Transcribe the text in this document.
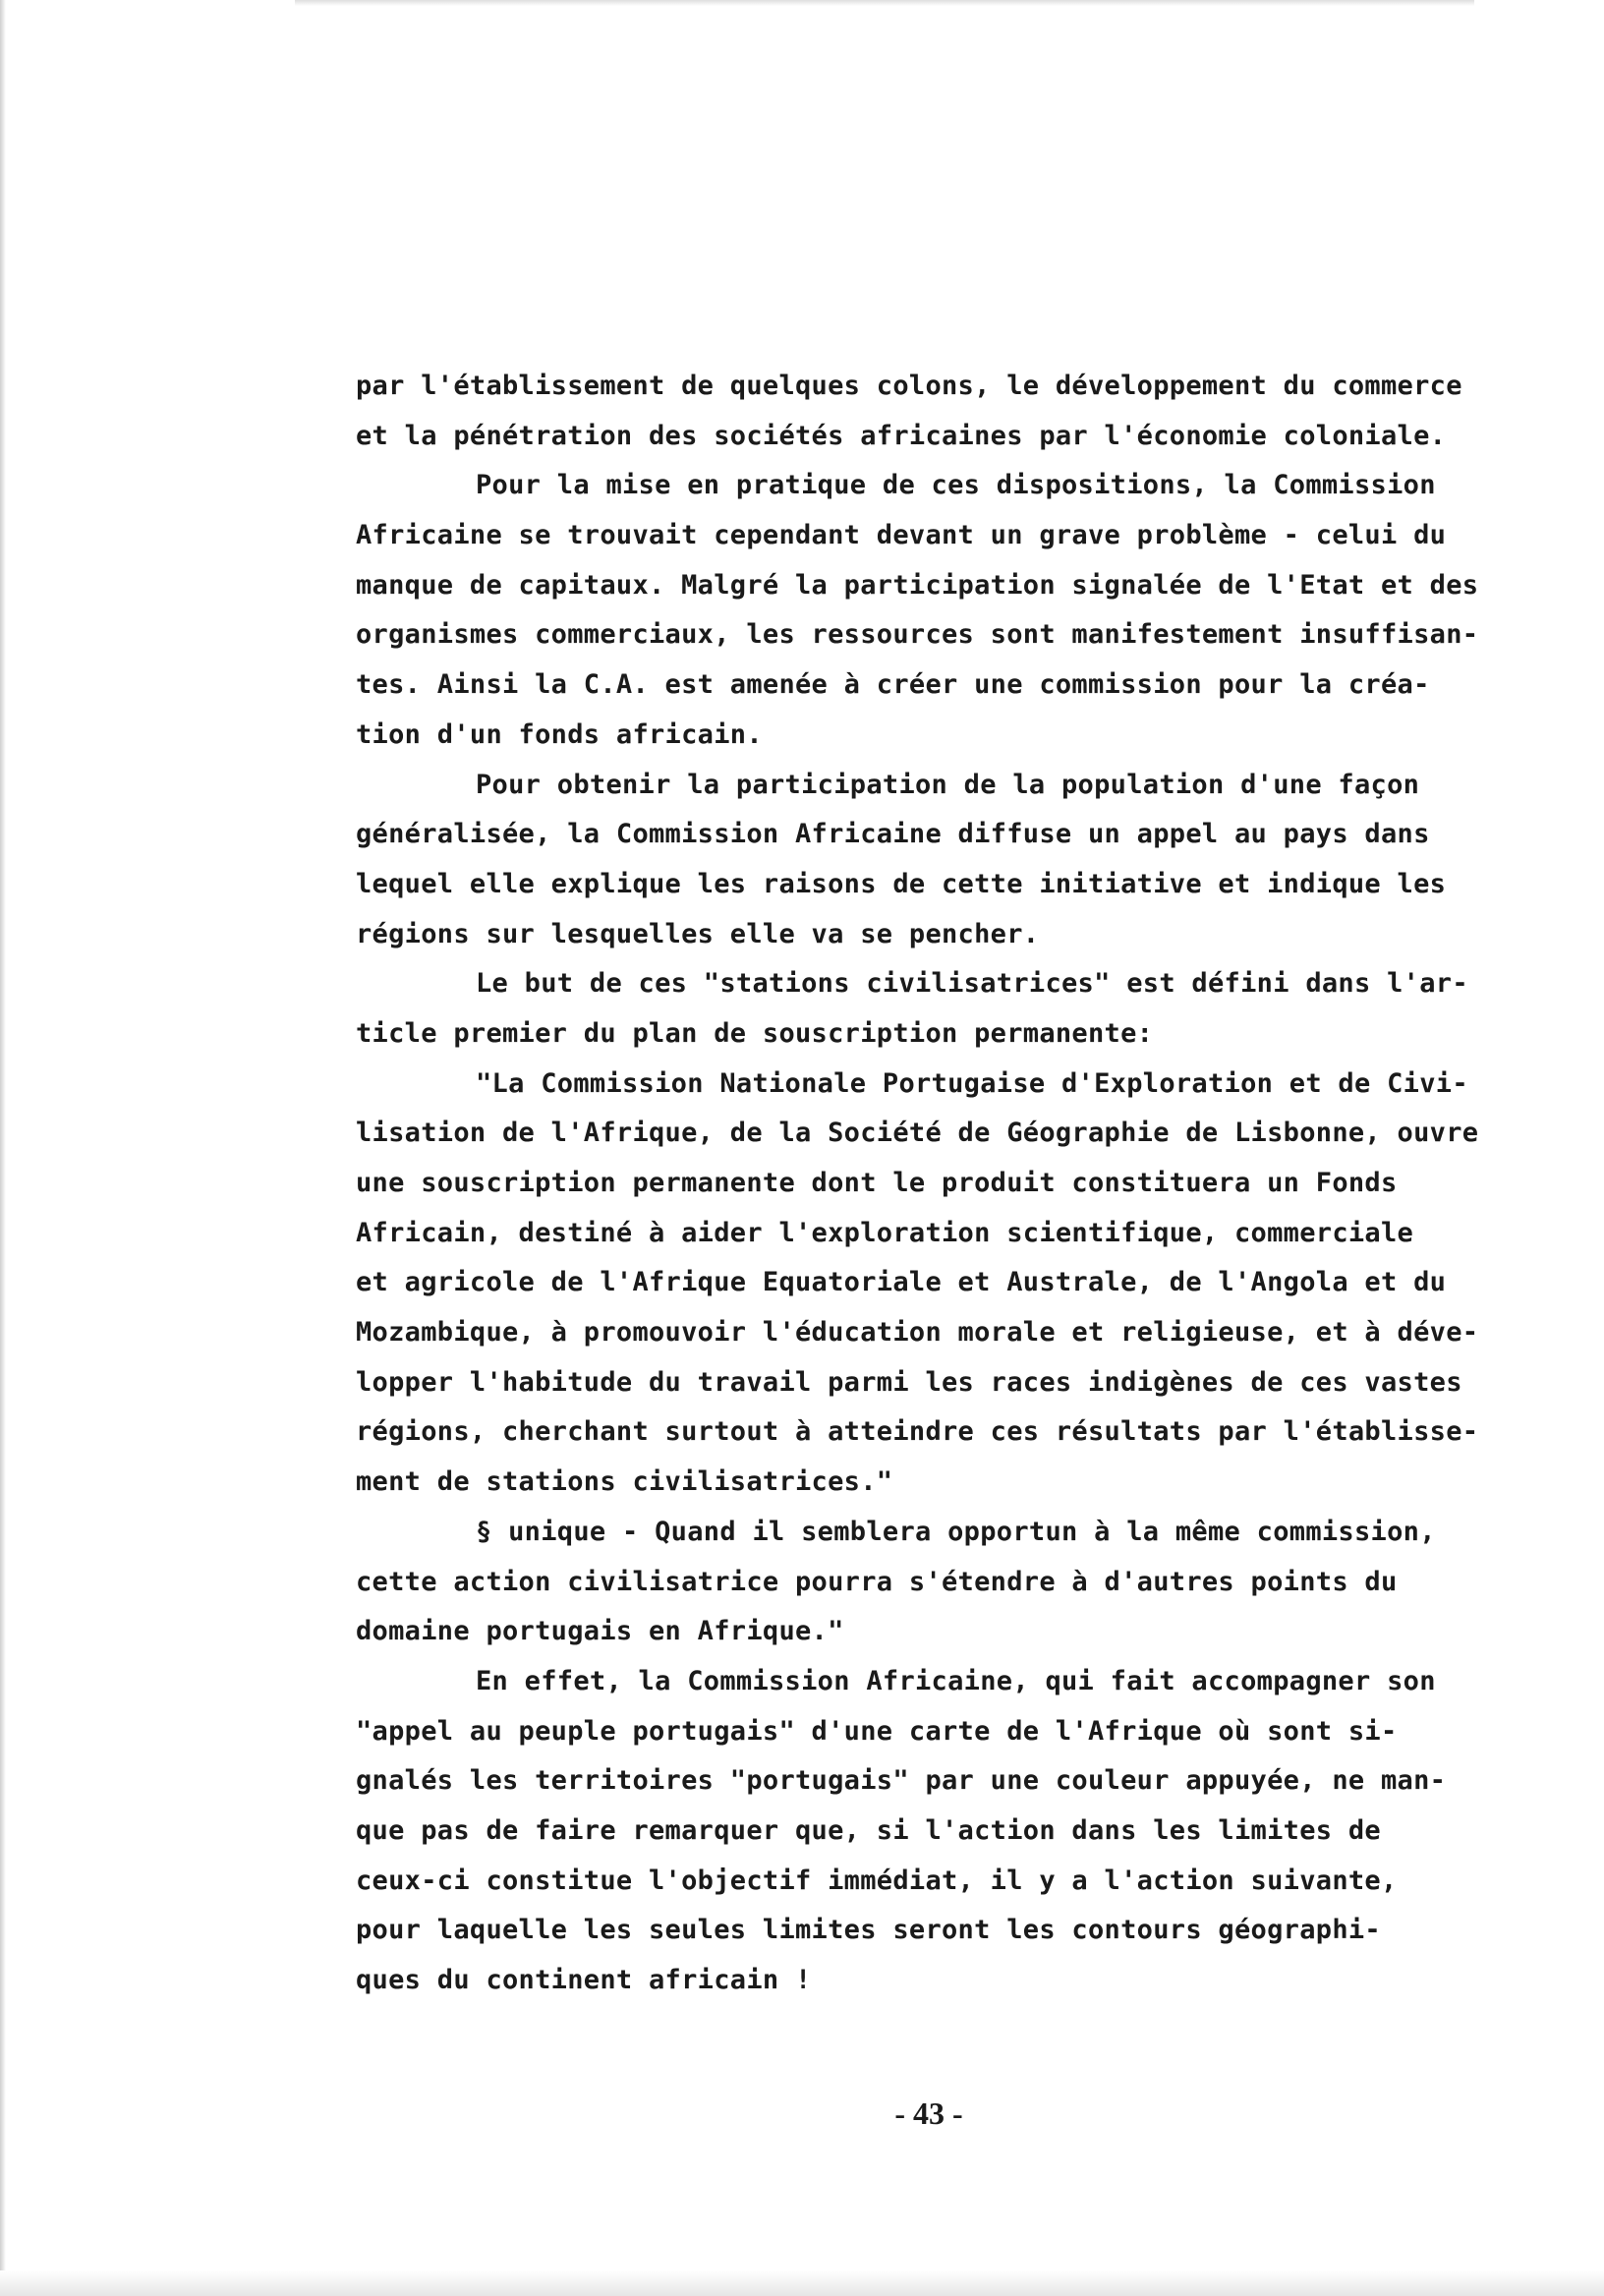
par l'établissement de quelques colons, le développement du commerce
et la pénétration des sociétés africaines par l'économie coloniale.
Pour la mise en pratique de ces dispositions, la Commission
Africaine se trouvait cependant devant un grave problème - celui du
manque de capitaux. Malgré la participation signalée de l'Etat et des
organismes commerciaux, les ressources sont manifestement insuffisan-
tes. Ainsi la C.A. est amenée à créer une commission pour la créa-
tion d'un fonds africain.
Pour obtenir la participation de la population d'une façon
généralisée, la Commission Africaine diffuse un appel au pays dans
lequel elle explique les raisons de cette initiative et indique les
régions sur lesquelles elle va se pencher.
Le but de ces "stations civilisatrices" est défini dans l'ar-
ticle premier du plan de souscription permanente:
"La Commission Nationale Portugaise d'Exploration et de Civi-
lisation de l'Afrique, de la Société de Géographie de Lisbonne, ouvre
une souscription permanente dont le produit constituera un Fonds
Africain, destiné à aider l'exploration scientifique, commerciale
et agricole de l'Afrique Equatoriale et Australe, de l'Angola et du
Mozambique, à promouvoir l'éducation morale et religieuse, et à déve-
lopper l'habitude du travail parmi les races indigènes de ces vastes
régions, cherchant surtout à atteindre ces résultats par l'établisse-
ment de stations civilisatrices."
§ unique - Quand il semblera opportun à la même commission,
cette action civilisatrice pourra s'étendre à d'autres points du
domaine portugais en Afrique."
En effet, la Commission Africaine, qui fait accompagner son
"appel au peuple portugais" d'une carte de l'Afrique où sont si-
gnalés les territoires "portugais" par une couleur appuyée, ne man-
que pas de faire remarquer que, si l'action dans les limites de
ceux-ci constitue l'objectif immédiat, il y a l'action suivante,
pour laquelle les seules limites seront les contours géographi-
ques du continent africain !
- 43 -
